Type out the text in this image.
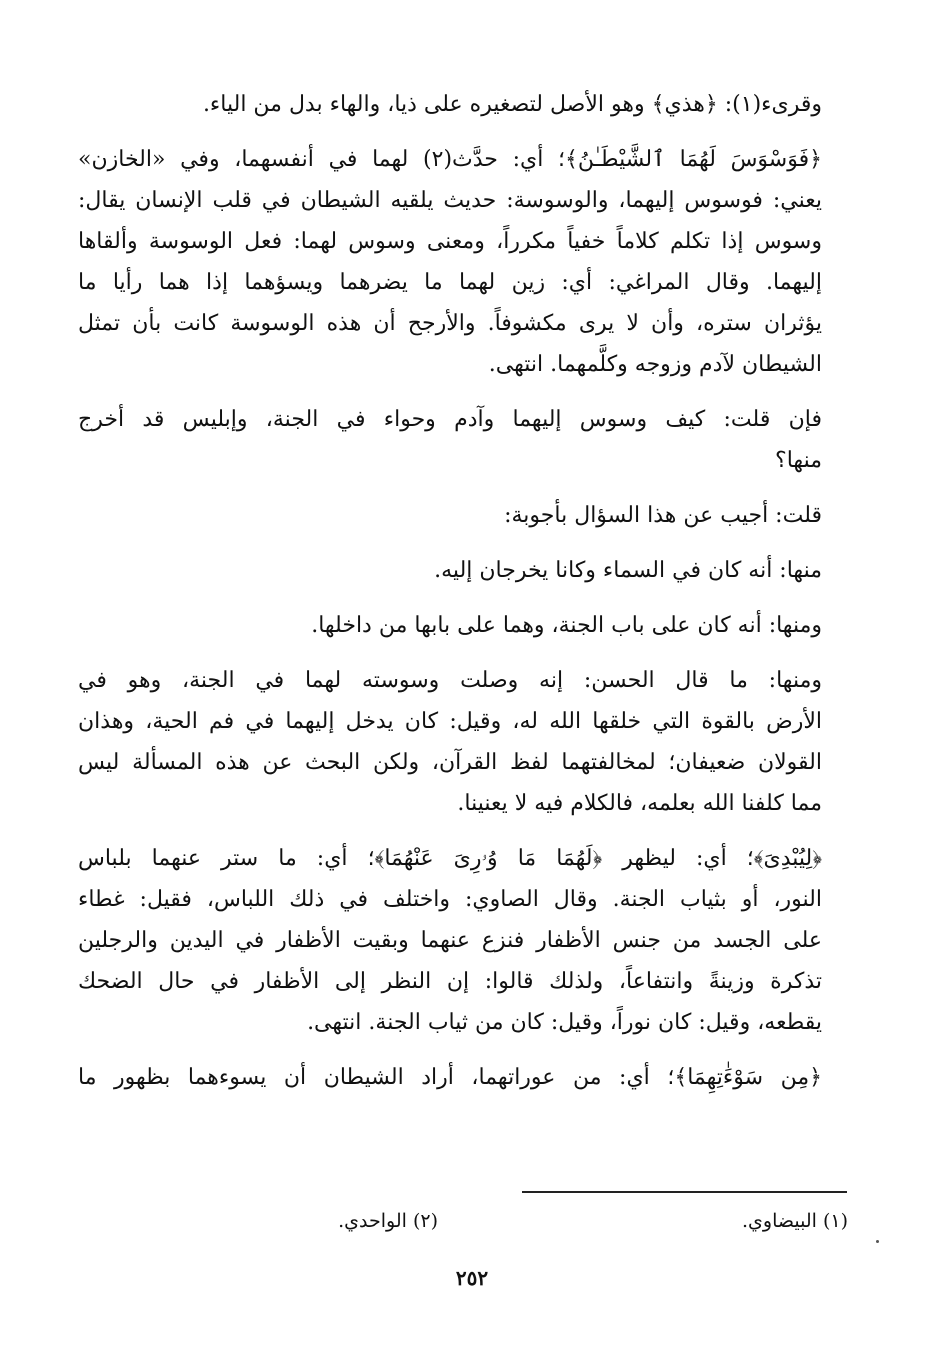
وقرىء(١): ﴿هذي﴾ وهو الأصل لتصغيره على ذيا، والهاء بدل من الياء.

﴿فَوَسْوَسَ لَهُمَا ٱلشَّيْطَـٰنُ﴾؛ أي: حدَّث(٢) لهما في أنفسهما، وفي «الخازن»
يعني: فوسوس إليهما، والوسوسة: حديث يلقيه الشيطان في قلب الإنسان يقال:
وسوس إذا تكلم كلاماً خفياً مكرراً، ومعنى وسوس لهما: فعل الوسوسة وألقاها
إليهما. وقال المراغي: أي: زين لهما ما يضرهما ويسؤهما إذا هما رأيا ما
يؤثران ستره، وأن لا يرى مكشوفاً. والأرجح أن هذه الوسوسة كانت بأن تمثل
الشيطان لآدم وزوجه وكلَّمهما. انتهى.

فإن قلت: كيف وسوس إليهما وآدم وحواء في الجنة، وإبليس قد أخرج
منها؟

قلت: أجيب عن هذا السؤال بأجوبة:

منها: أنه كان في السماء وكانا يخرجان إليه.

ومنها: أنه كان على باب الجنة، وهما على بابها من داخلها.

ومنها: ما قال الحسن: إنه وصلت وسوسته لهما في الجنة، وهو في
الأرض بالقوة التي خلقها الله له، وقيل: كان يدخل إليهما في فم الحية، وهذان
القولان ضعيفان؛ لمخالفتهما لفظ القرآن، ولكن البحث عن هذه المسألة ليس
مما كلفنا الله بعلمه، فالكلام فيه لا يعنينا.

﴿لِيُبْدِىَ﴾؛ أي: ليظهر ﴿لَهُمَا مَا وُۥرِىَ عَنْهُمَا﴾؛ أي: ما ستر عنهما بلباس
النور، أو بثياب الجنة. وقال الصاوي: واختلف في ذلك اللباس، فقيل: غطاء
على الجسد من جنس الأظفار فنزع عنهما وبقيت الأظفار في اليدين والرجلين
تذكرة وزينةً وانتفاعاً، ولذلك قالوا: إن النظر إلى الأظفار في حال الضحك
يقطعه، وقيل: كان نوراً، وقيل: كان من ثياب الجنة. انتهى.

﴿مِن سَوْءَٰتِهِمَا﴾؛ أي: من عوراتهما، أراد الشيطان أن يسوءهما بظهور ما

(١) البيضاوي.
(٢) الواحدي.
٢٥٢
